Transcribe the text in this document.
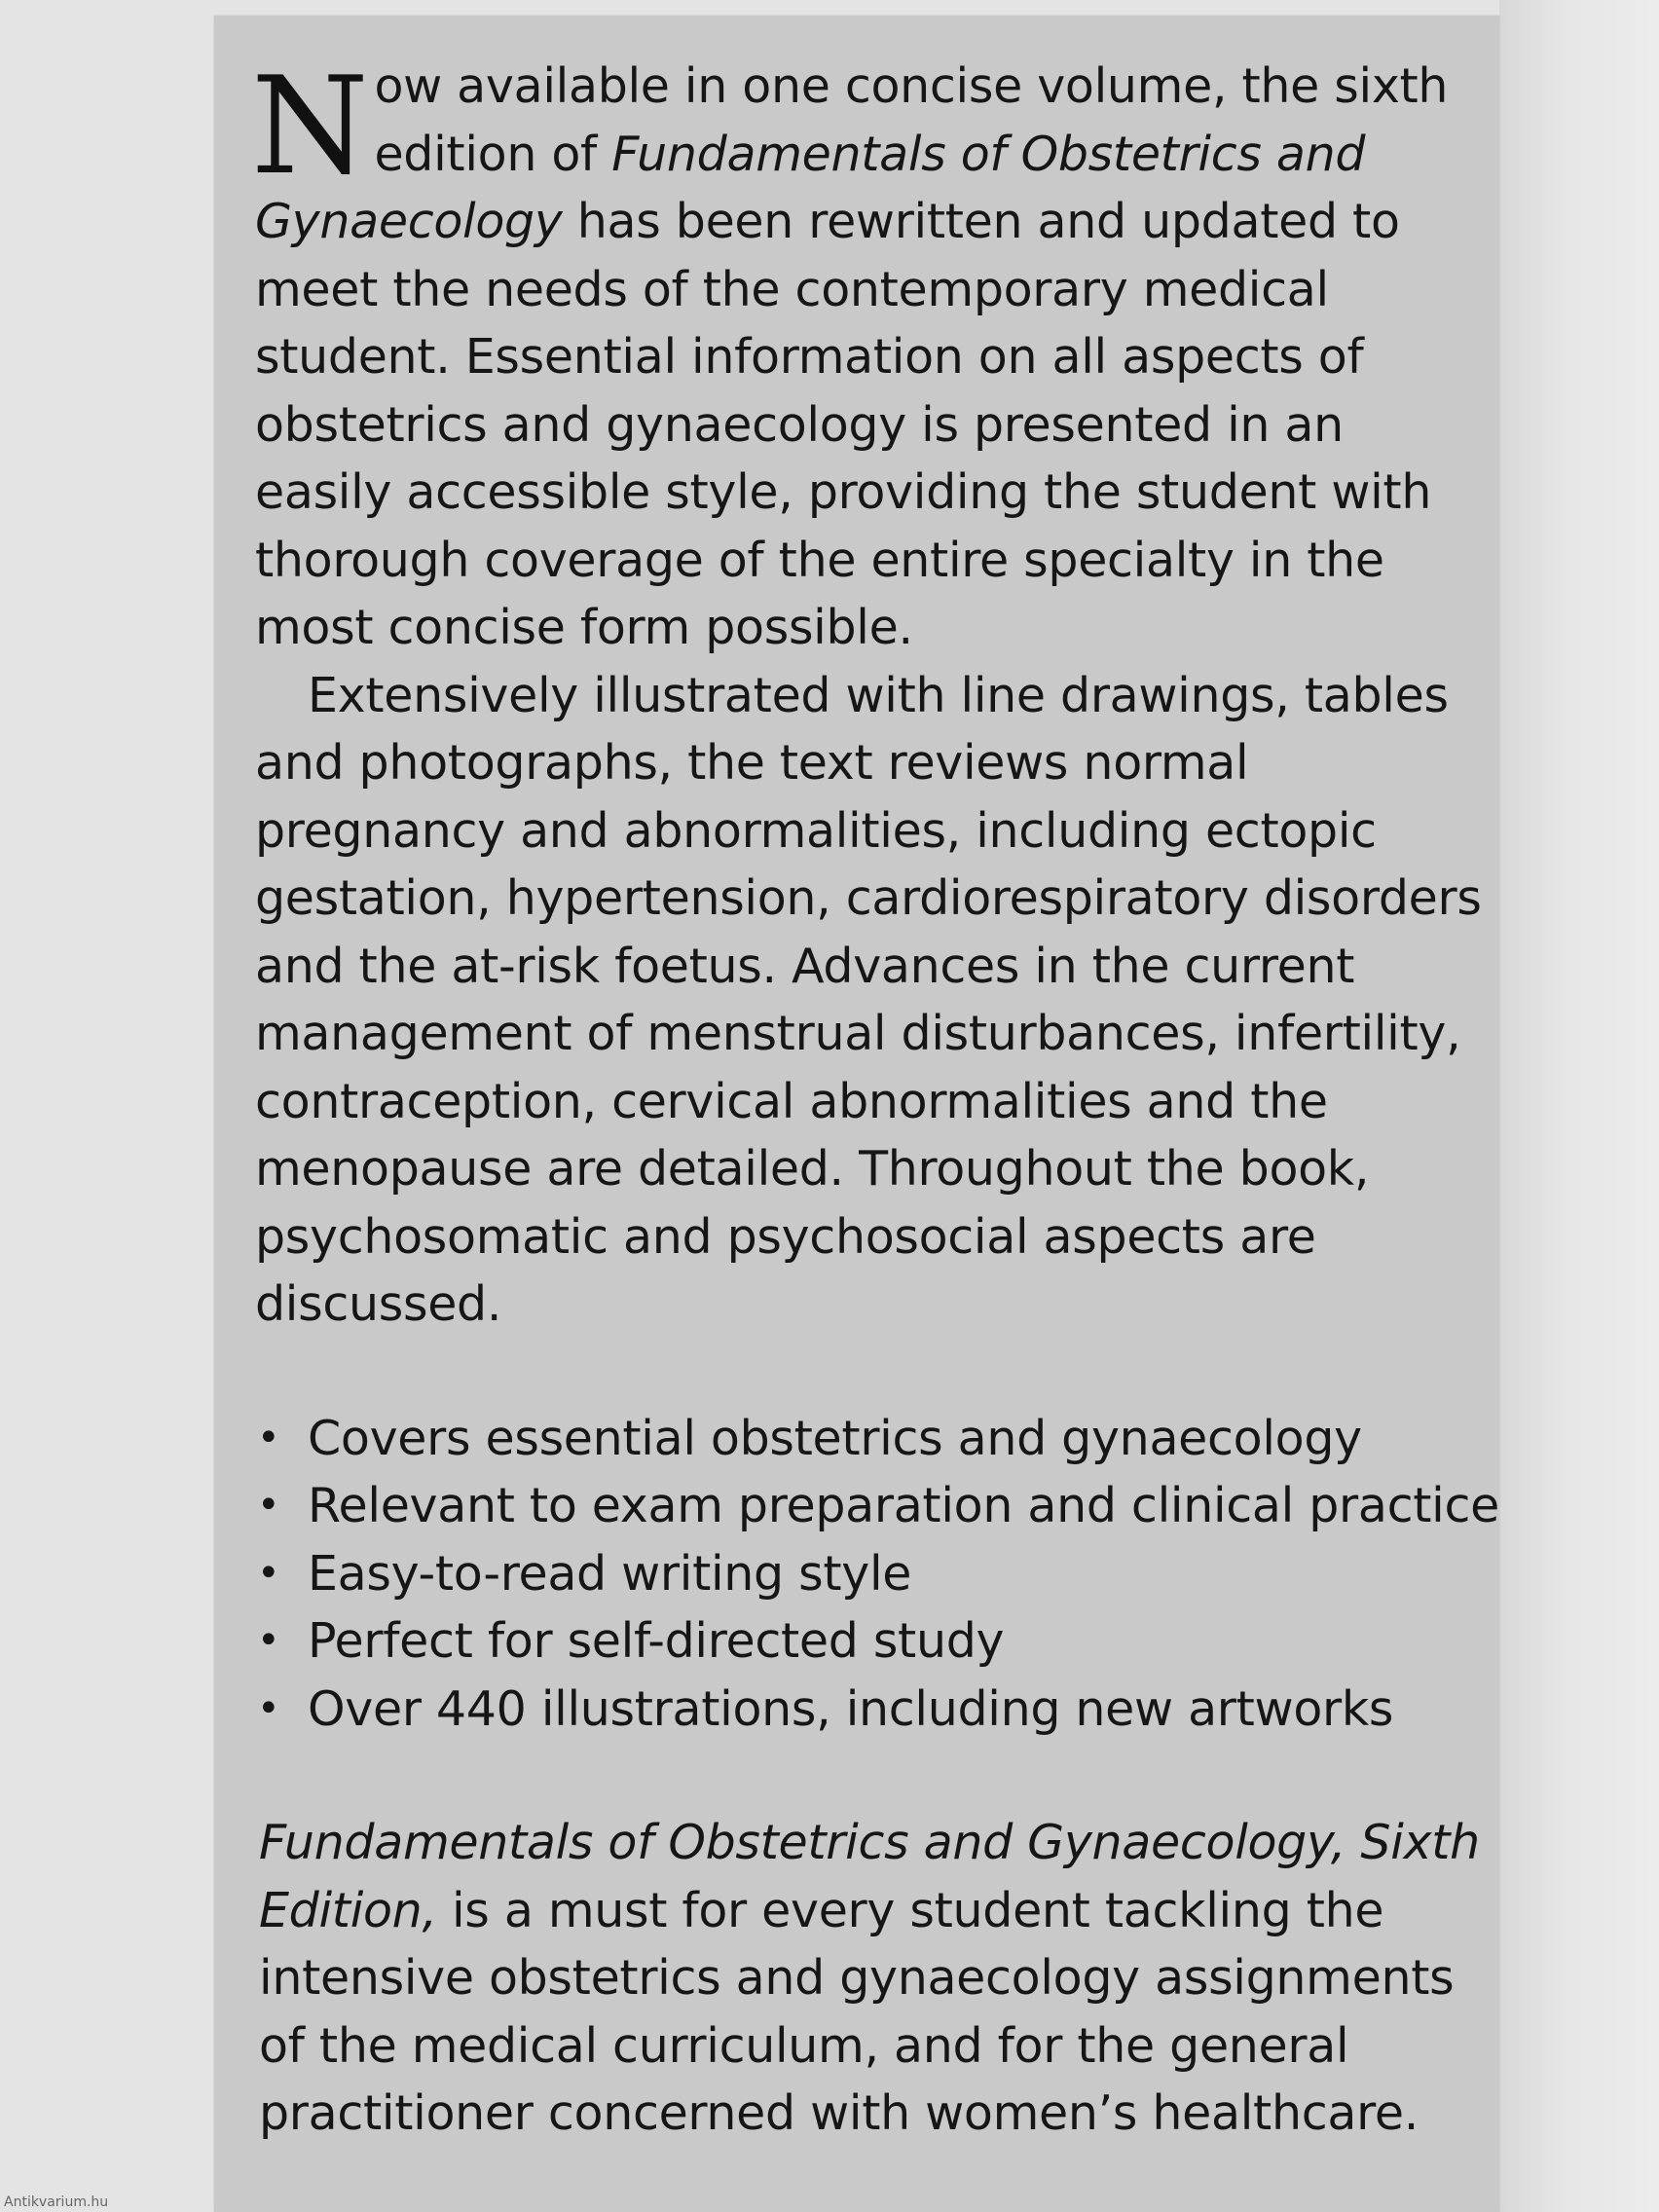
Now available in one concise volume, the sixth edition of Fundamentals of Obstetrics and Gynaecology has been rewritten and updated to meet the needs of the contemporary medical student. Essential information on all aspects of obstetrics and gynaecology is presented in an easily accessible style, providing the student with thorough coverage of the entire specialty in the most concise form possible.

Extensively illustrated with line drawings, tables and photographs, the text reviews normal pregnancy and abnormalities, including ectopic gestation, hypertension, cardiorespiratory disorders and the at-risk foetus. Advances in the current management of menstrual disturbances, infertility, contraception, cervical abnormalities and the menopause are detailed. Throughout the book, psychosomatic and psychosocial aspects are discussed.

• Covers essential obstetrics and gynaecology
• Relevant to exam preparation and clinical practice
• Easy-to-read writing style
• Perfect for self-directed study
• Over 440 illustrations, including new artworks

Fundamentals of Obstetrics and Gynaecology, Sixth Edition, is a must for every student tackling the intensive obstetrics and gynaecology assignments of the medical curriculum, and for the general practitioner concerned with women’s healthcare.

Antikvarium.hu
